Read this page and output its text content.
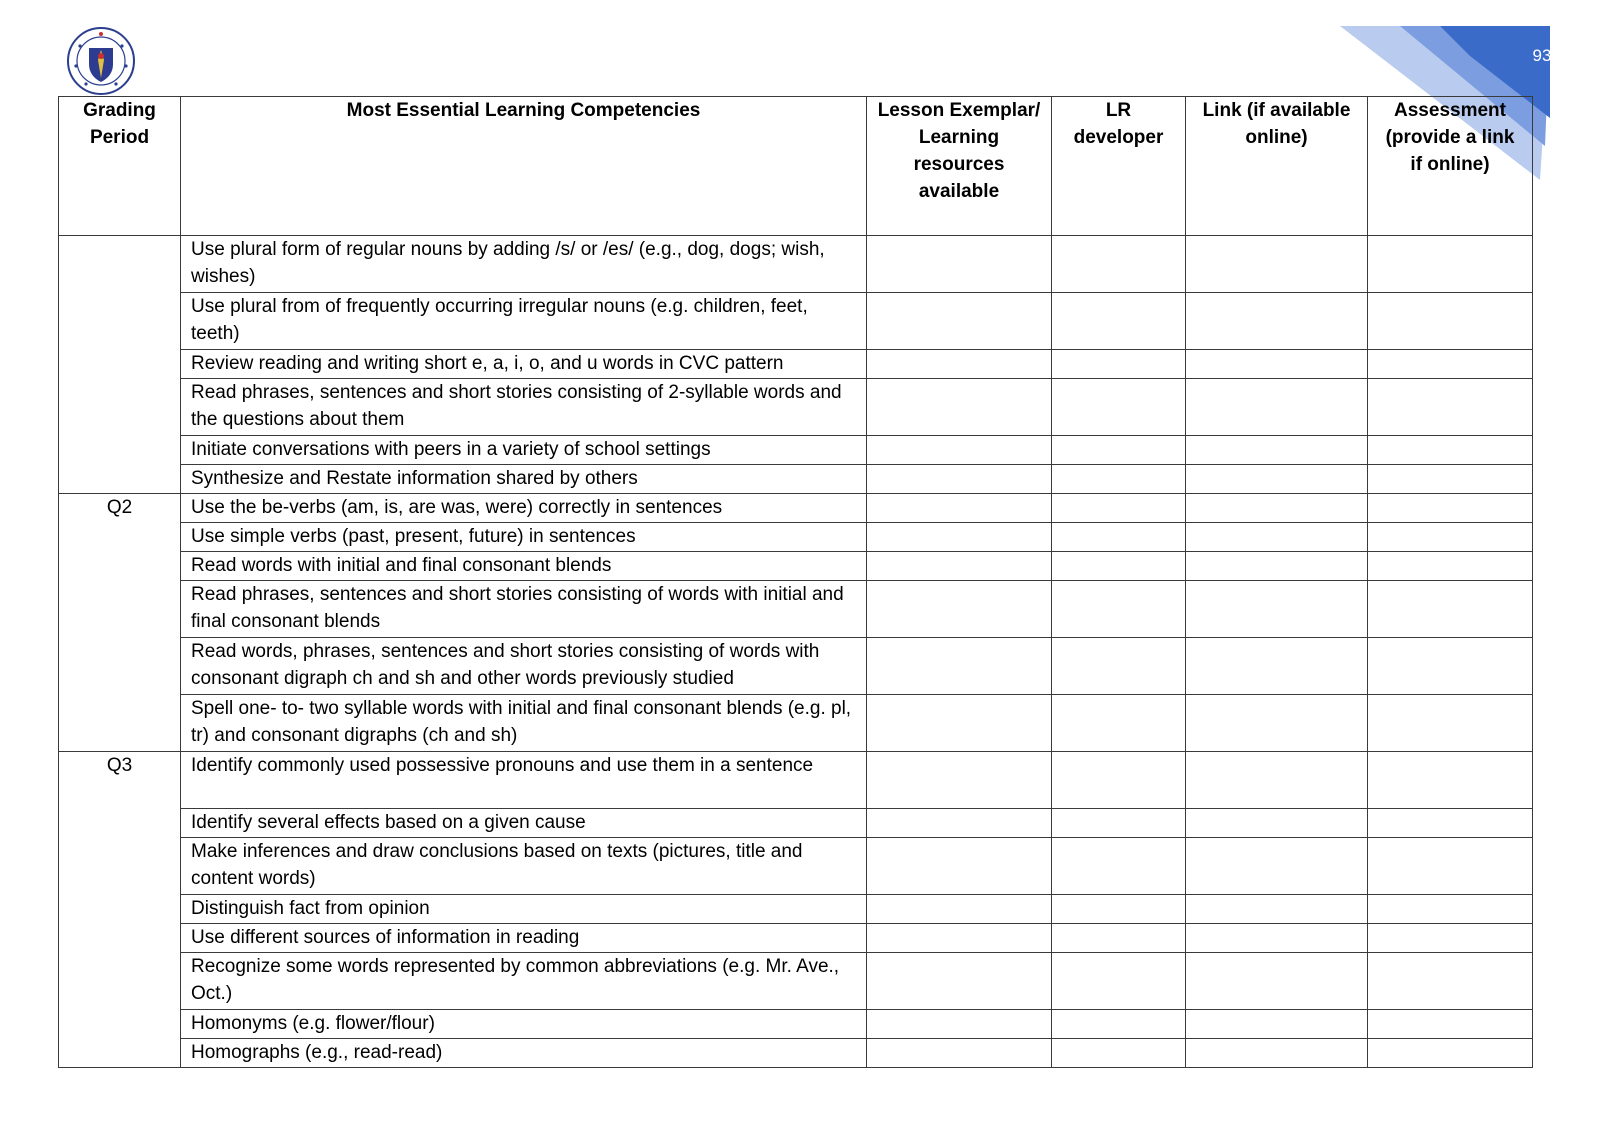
93
Grading Period	Most Essential Learning Competencies	Lesson Exemplar/ Learning resources available	LR developer	Link (if available online)	Assessment (provide a link if online)
	Use plural form of regular nouns by adding /s/ or /es/ (e.g., dog, dogs; wish, wishes)				
	Use plural from of frequently occurring irregular nouns (e.g. children, feet, teeth)				
	Review reading and writing short e, a, i, o, and u words in CVC pattern				
	Read phrases, sentences and short stories consisting of 2-syllable words and the questions about them				
	Initiate conversations with peers in a variety of school settings				
	Synthesize and Restate information shared by others				
Q2	Use the be-verbs (am, is, are was, were) correctly in sentences				
	Use simple verbs (past, present, future) in sentences				
	Read words with initial and final consonant blends				
	Read phrases, sentences and short stories consisting of words with initial and final consonant blends				
	Read words, phrases, sentences and short stories consisting of words with consonant digraph ch and sh and other words previously studied				
	Spell one- to- two syllable words with initial and final consonant blends (e.g. pl, tr) and consonant digraphs (ch and sh)				
Q3	Identify commonly used possessive pronouns and use them in a sentence				
	Identify several effects based on a given cause				
	Make inferences and draw conclusions based on texts (pictures, title and content words)				
	Distinguish fact from opinion				
	Use different sources of information in reading				
	Recognize some words represented by common abbreviations (e.g. Mr. Ave., Oct.)				
	Homonyms (e.g. flower/flour)				
	Homographs (e.g., read-read)				
